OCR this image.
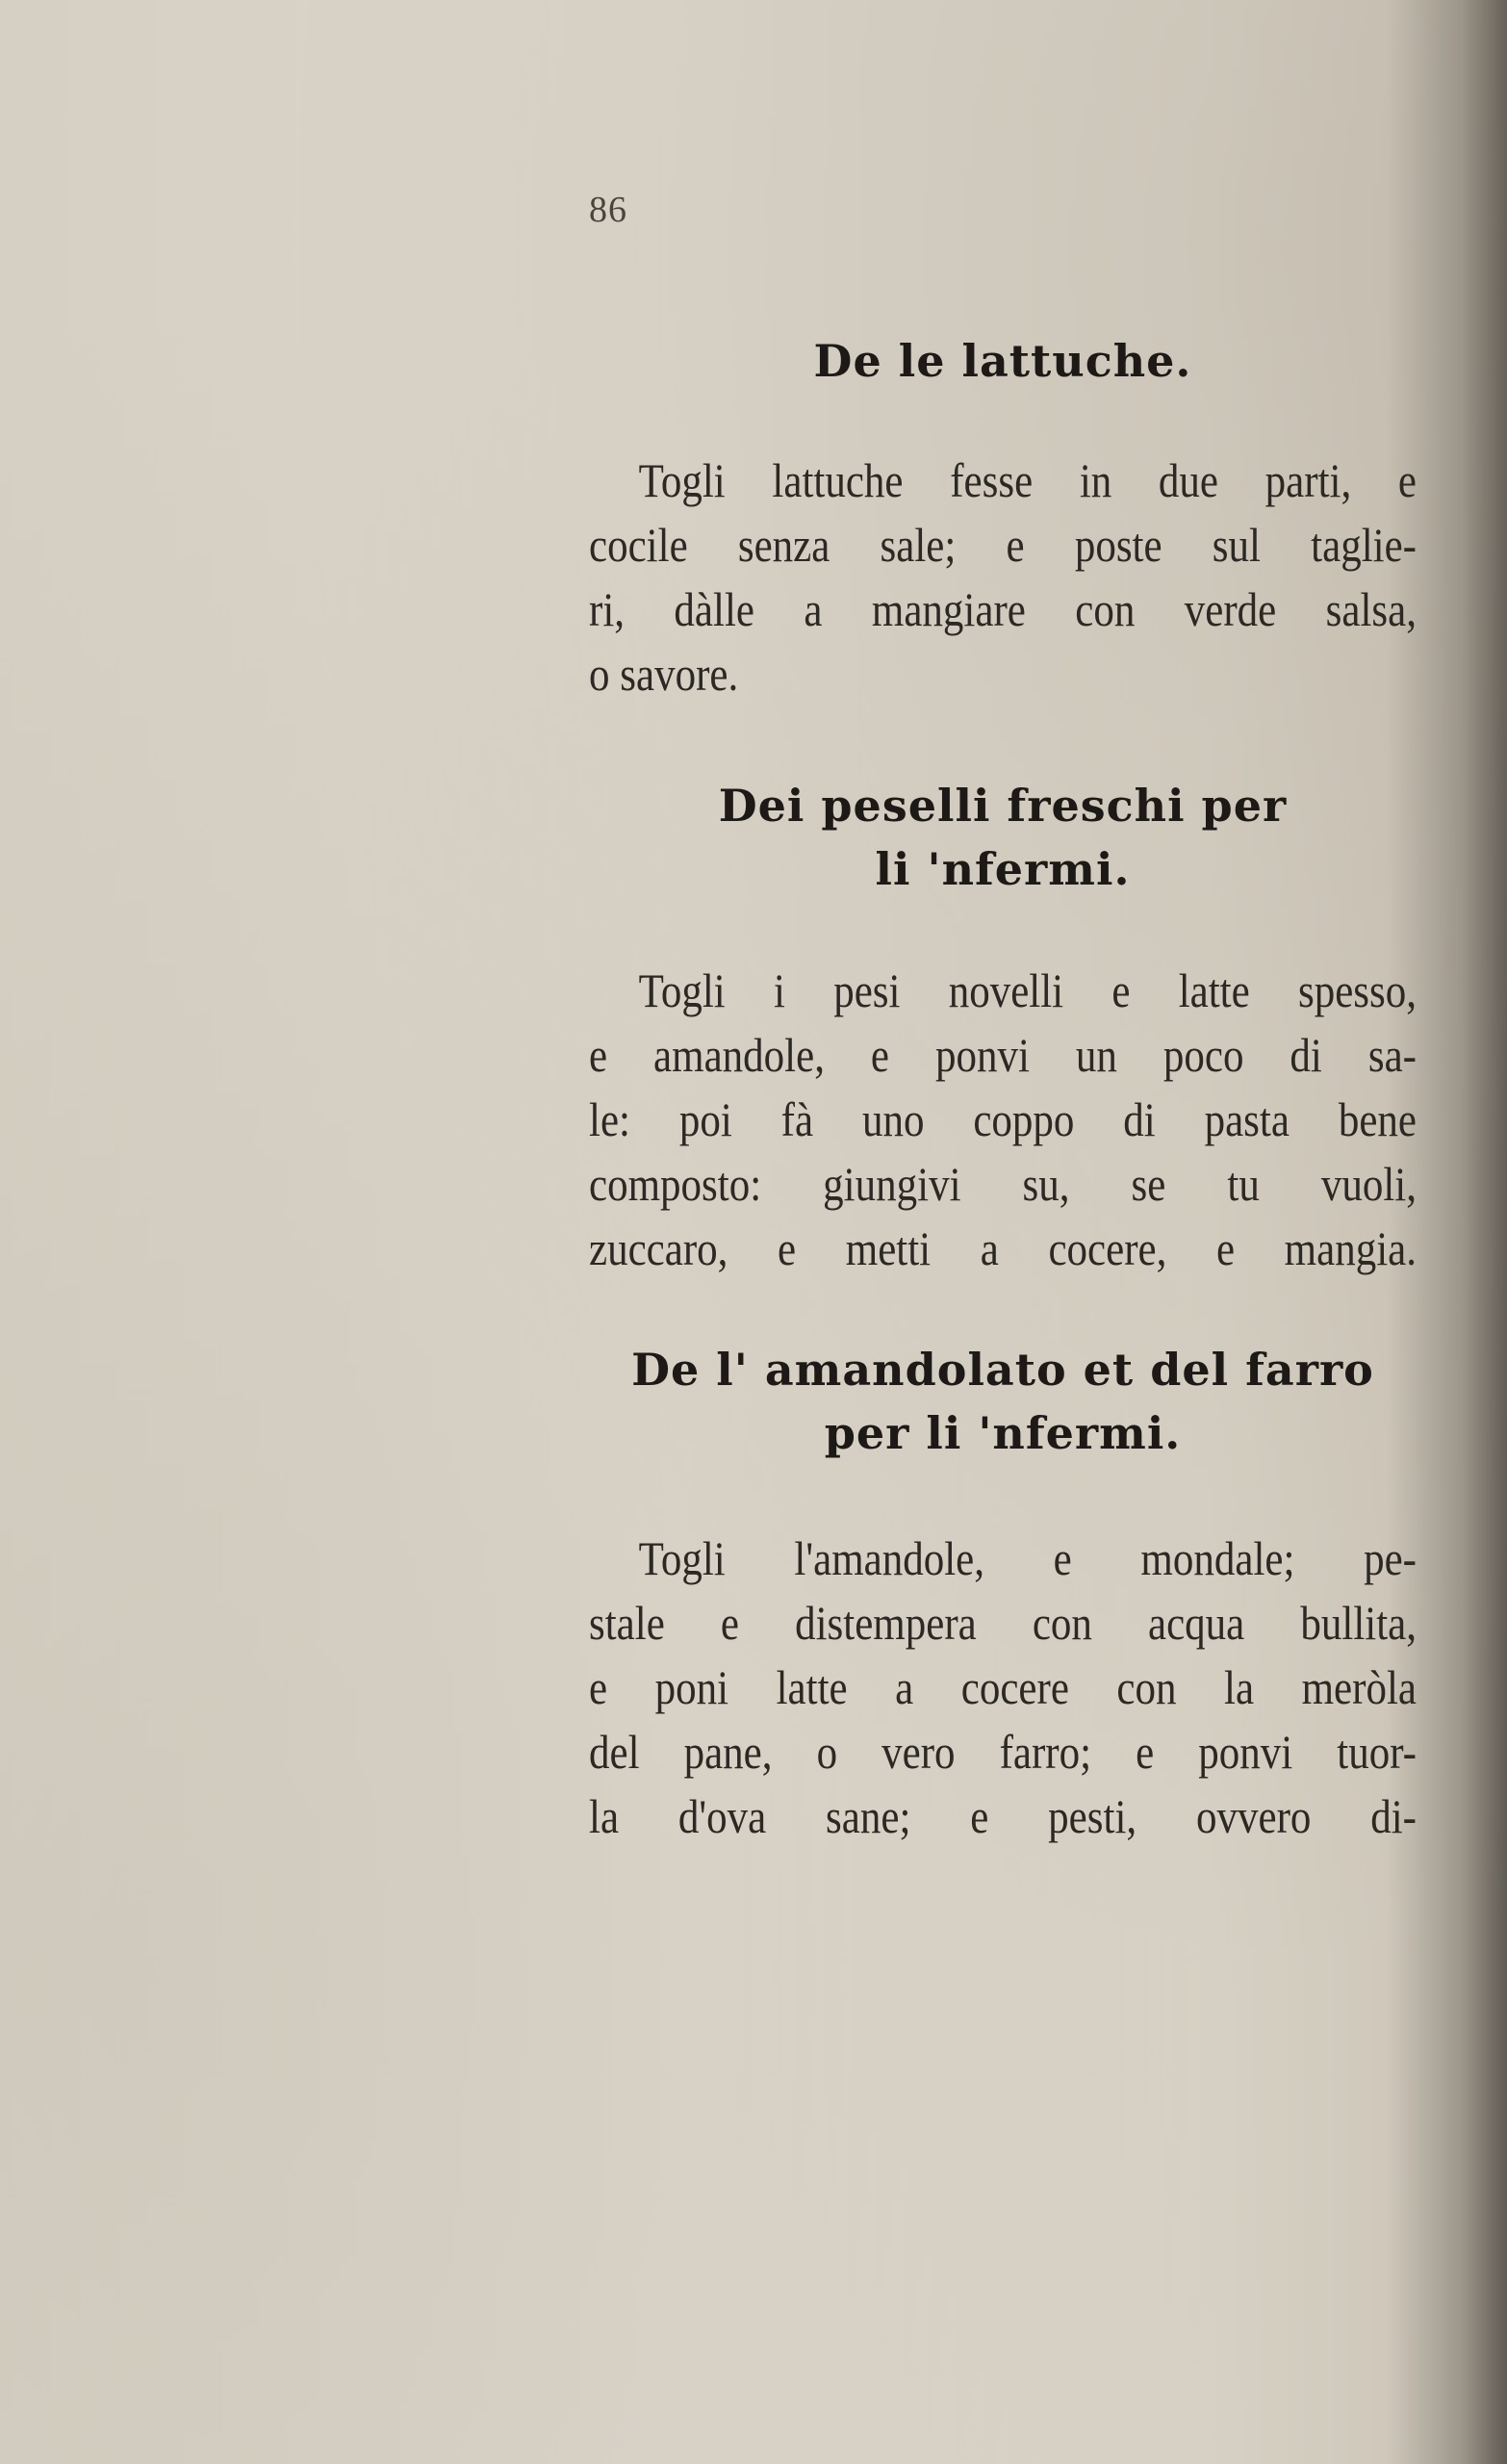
86
De le lattuche.
Togli lattuche fesse in due parti, e
cocile senza sale; e poste sul taglie-
ri, dàlle a mangiare con verde salsa,
o savore.
Dei peselli freschi per
li 'nfermi.
Togli i pesi novelli e latte spesso,
e amandole, e ponvi un poco di sa-
le: poi fà uno coppo di pasta bene
composto: giungivi su, se tu vuoli,
zuccaro, e metti a cocere, e mangia.
De l' amandolato et del farro
per li 'nfermi.
Togli l'amandole, e mondale; pe-
stale e distempera con acqua bullita,
e poni latte a cocere con la meròla
del pane, o vero farro; e ponvi tuor-
la d'ova sane; e pesti, ovvero di-
